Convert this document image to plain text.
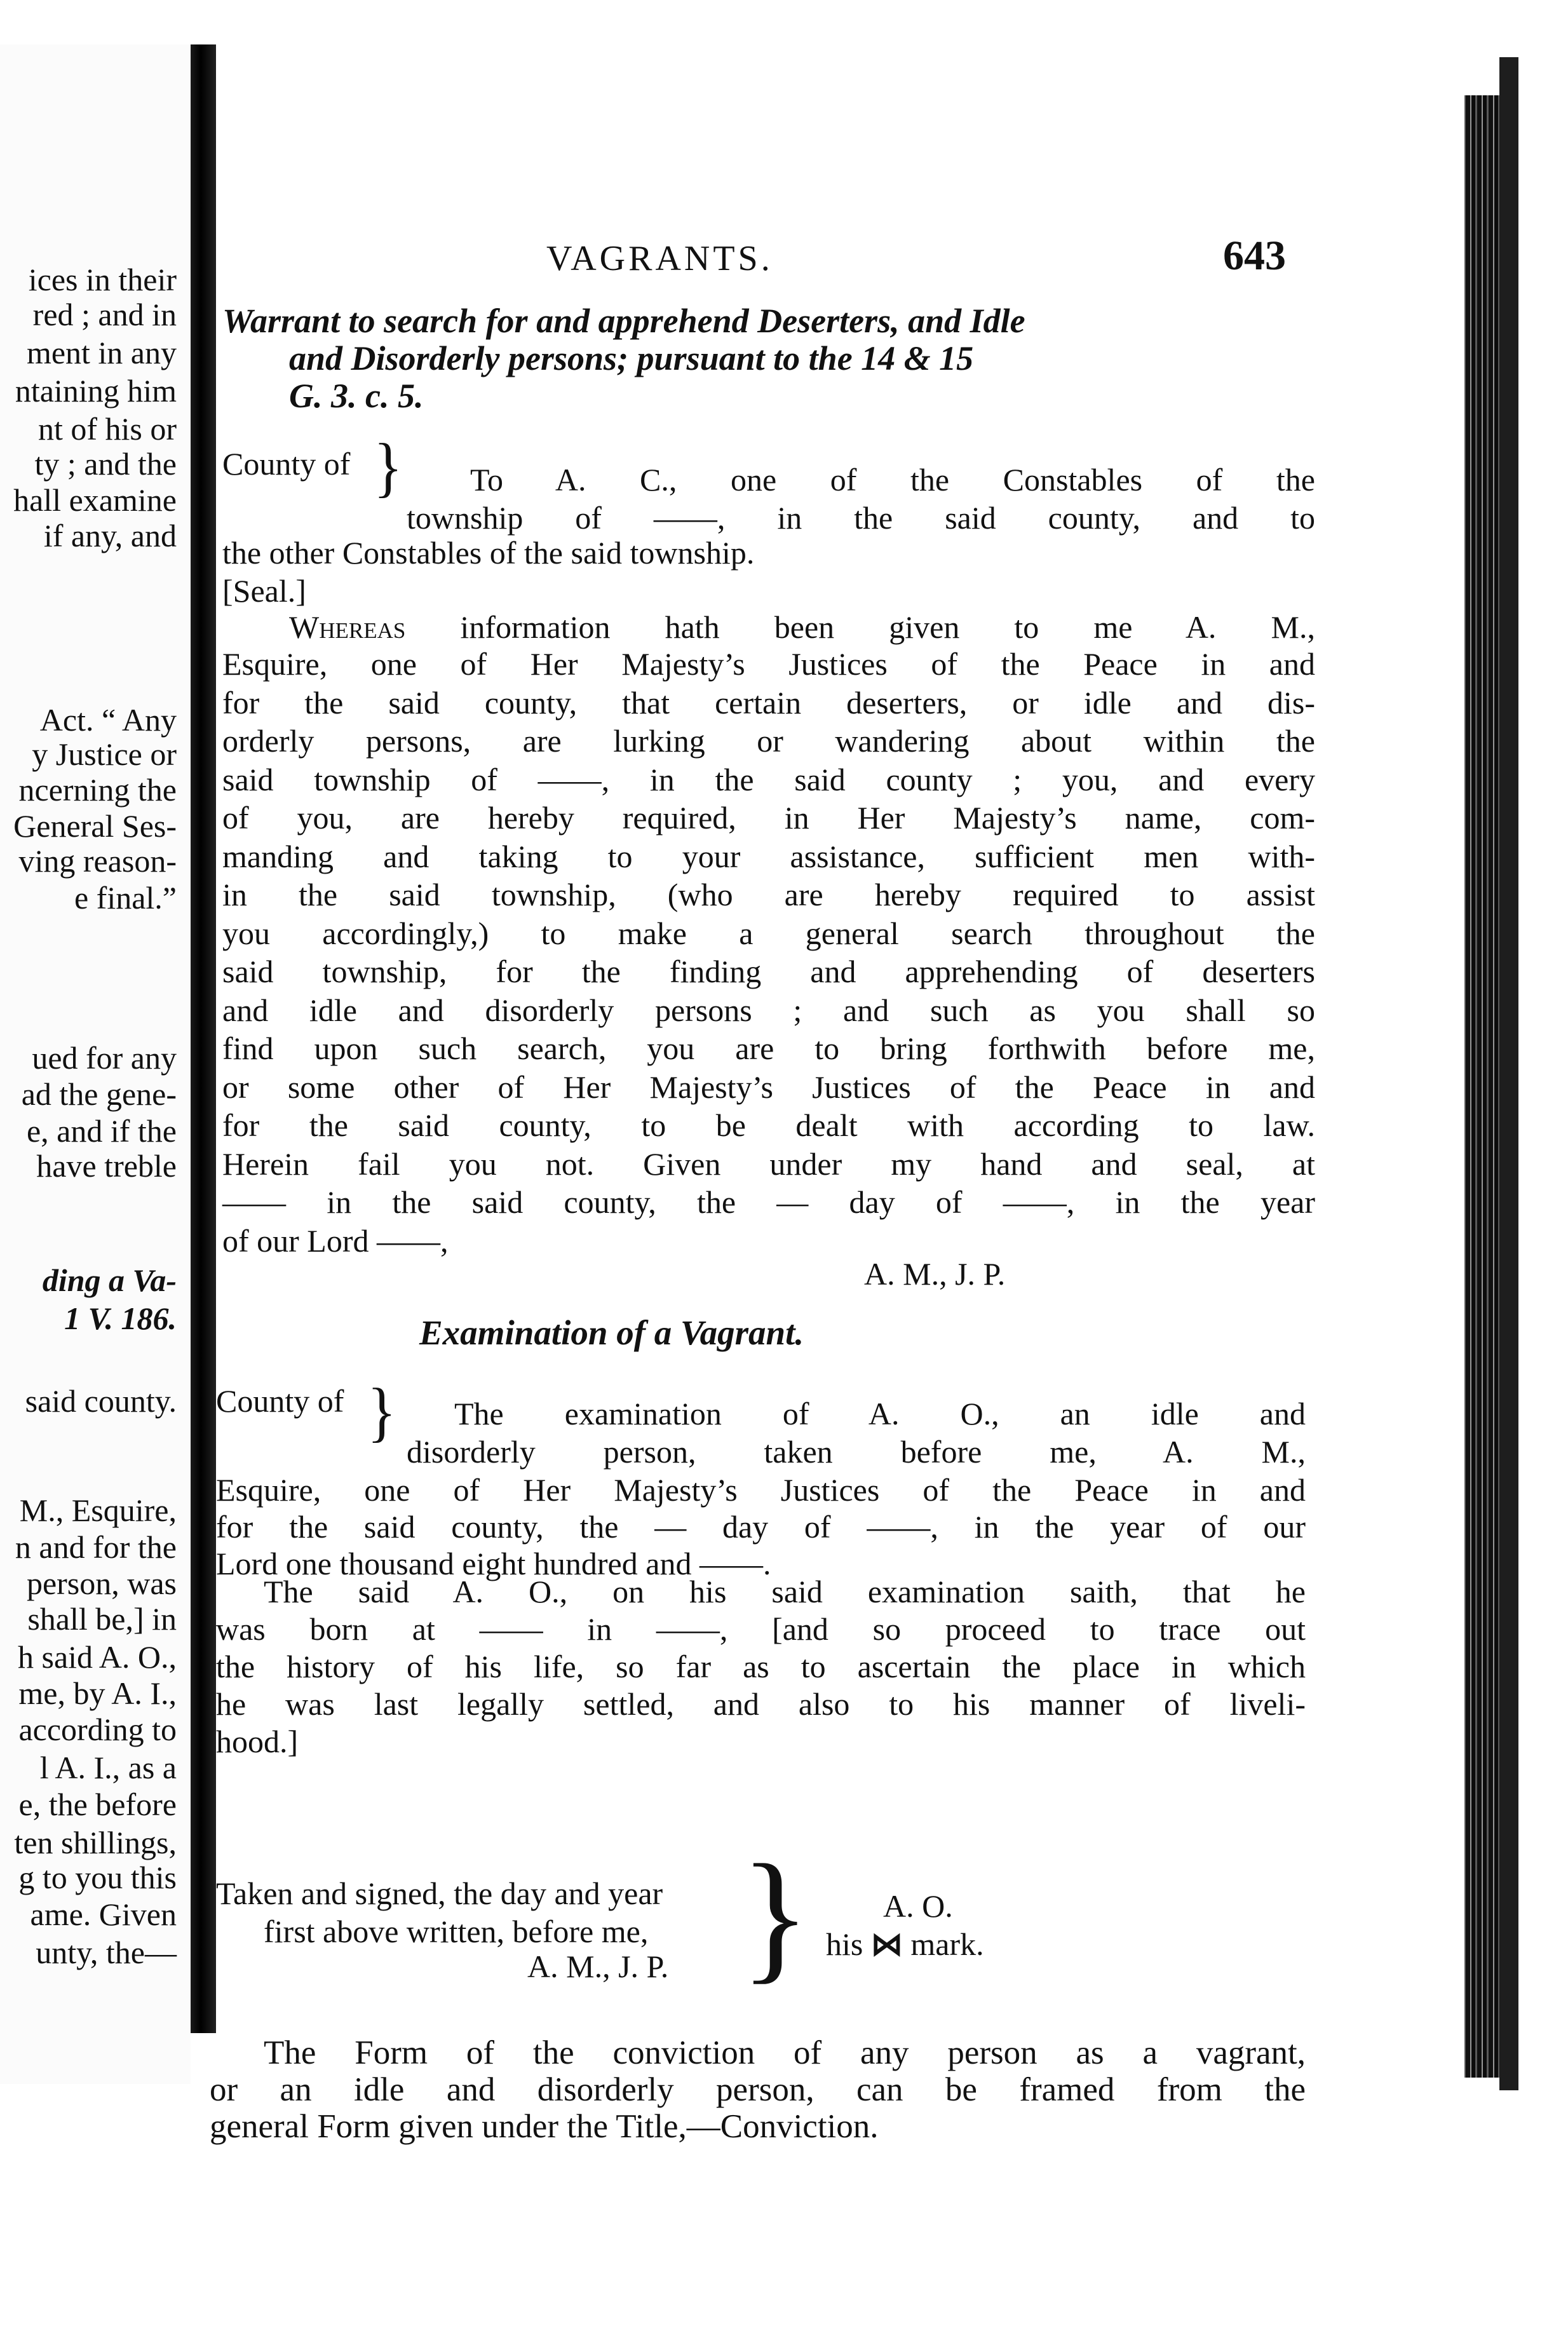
ices in their
red ; and in
ment in any
ntaining him
nt of his or
ty ; and the
hall examine
if any, and
Act. “ Any
y Justice or
ncerning the
General Ses-
ving reason-
e final.”
ued for any
ad the gene-
e, and if the
have treble
ding a Va-
1 V. 186.
said county.
M., Esquire,
n and for the
person, was
shall be,] in
h said A. O.,
me, by A. I.,
according to
l A. I., as a
e, the before
ten shillings,
g to you this
ame. Given
unty, the—
VAGRANTS.	643
Warrant to search for and apprehend Deserters, and Idle
and Disorderly persons; pursuant to the 14 & 15
G. 3. c. 5.
County of } To A. C., one of the Constables of the
township of ——, in the said county, and to
the other Constables of the said township.
[Seal.]
Whereas information hath been given to me A. M.,
Esquire, one of Her Majesty’s Justices of the Peace in and
for the said county, that certain deserters, or idle and dis-
orderly persons, are lurking or wandering about within the
said township of ——, in the said county ; you, and every
of you, are hereby required, in Her Majesty’s name, com-
manding and taking to your assistance, sufficient men with-
in the said township, (who are hereby required to assist
you accordingly,) to make a general search throughout the
said township, for the finding and apprehending of deserters
and idle and disorderly persons ; and such as you shall so
find upon such search, you are to bring forthwith before me,
or some other of Her Majesty’s Justices of the Peace in and
for the said county, to be dealt with according to law.
Herein fail you not. Given under my hand and seal, at
—— in the said county, the — day of ——, in the year
of our Lord ——,
A. M., J. P.
Examination of a Vagrant.
County of } The examination of A. O., an idle and
disorderly person, taken before me, A. M.,
Esquire, one of Her Majesty’s Justices of the Peace in and
for the said county, the — day of ——, in the year of our
Lord one thousand eight hundred and ——.
The said A. O., on his said examination saith, that he
was born at —— in ——, [and so proceed to trace out
the history of his life, so far as to ascertain the place in which
he was last legally settled, and also to his manner of liveli-
hood.]
Taken and signed, the day and year
first above written, before me,
A. M., J. P. } A. O.
his ⋈ mark.
The Form of the conviction of any person as a vagrant,
or an idle and disorderly person, can be framed from the
general Form given under the Title,—Conviction.
